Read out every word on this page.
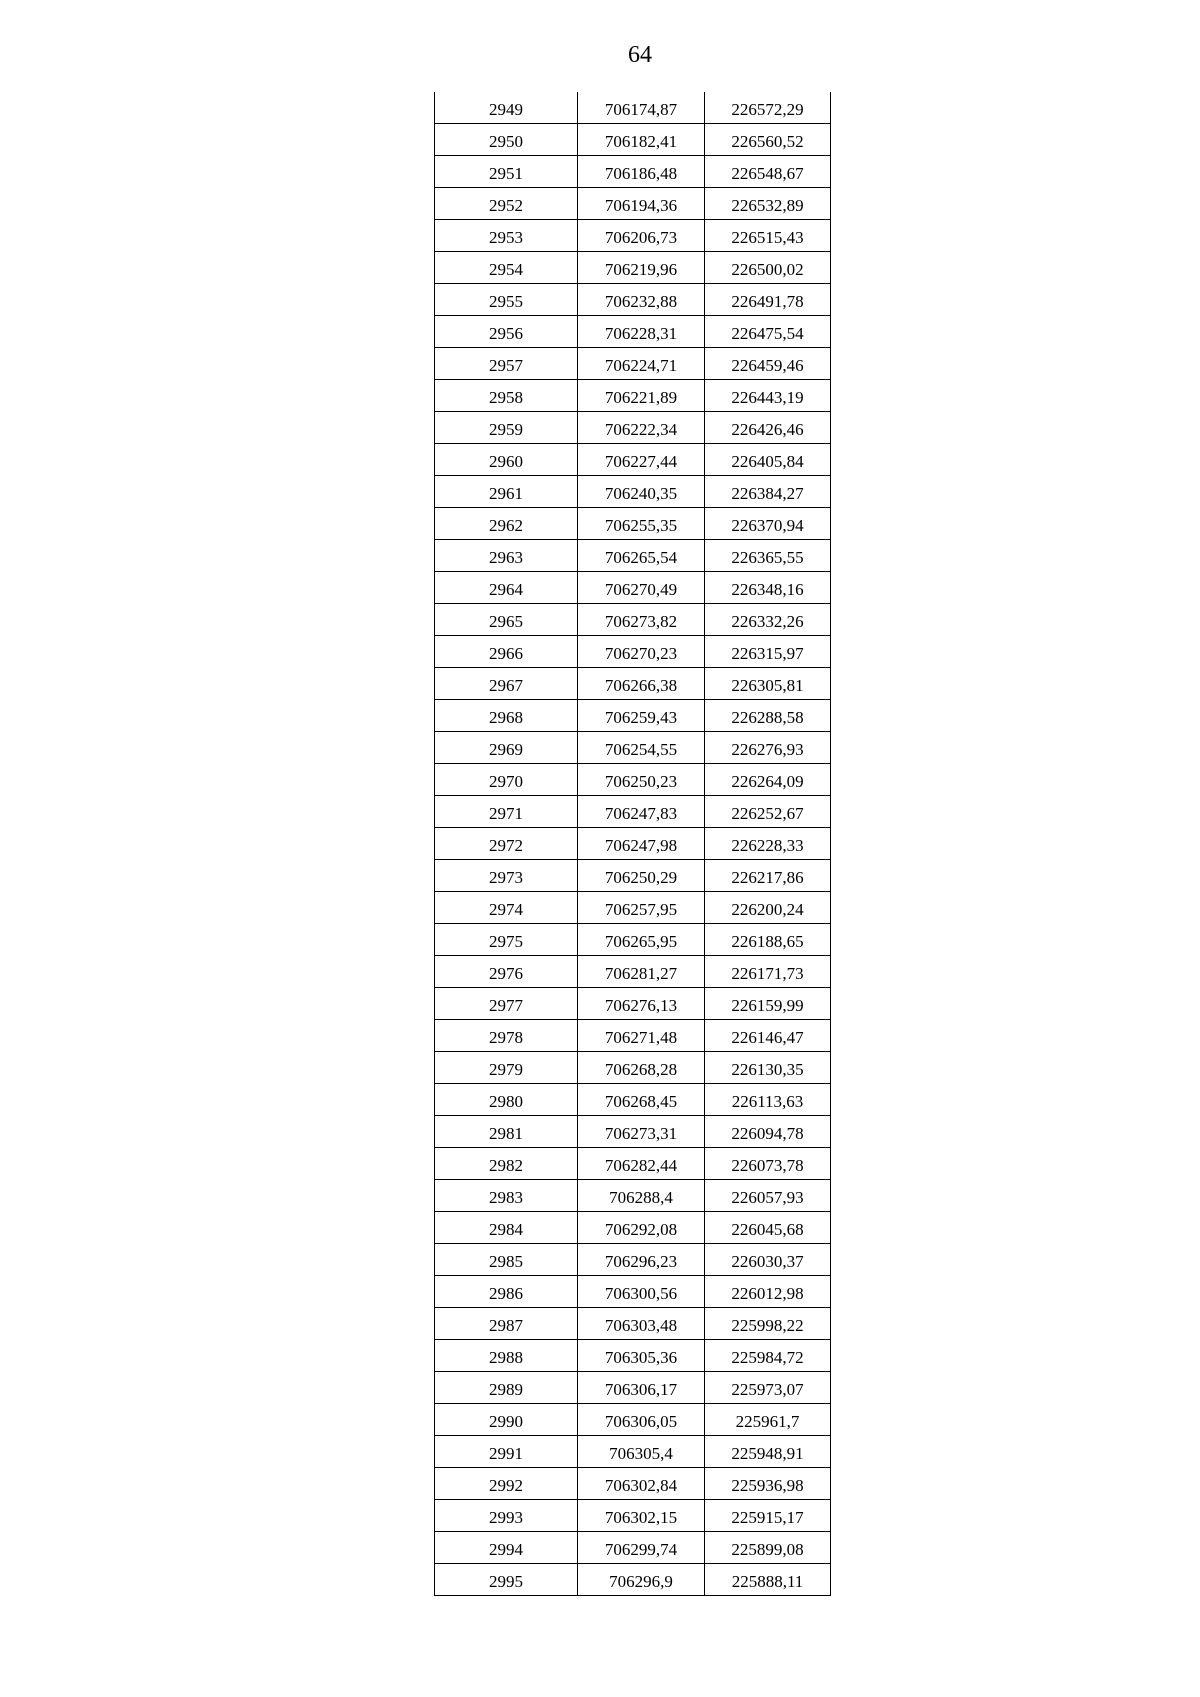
64
2949	706174,87	226572,29
2950	706182,41	226560,52
2951	706186,48	226548,67
2952	706194,36	226532,89
2953	706206,73	226515,43
2954	706219,96	226500,02
2955	706232,88	226491,78
2956	706228,31	226475,54
2957	706224,71	226459,46
2958	706221,89	226443,19
2959	706222,34	226426,46
2960	706227,44	226405,84
2961	706240,35	226384,27
2962	706255,35	226370,94
2963	706265,54	226365,55
2964	706270,49	226348,16
2965	706273,82	226332,26
2966	706270,23	226315,97
2967	706266,38	226305,81
2968	706259,43	226288,58
2969	706254,55	226276,93
2970	706250,23	226264,09
2971	706247,83	226252,67
2972	706247,98	226228,33
2973	706250,29	226217,86
2974	706257,95	226200,24
2975	706265,95	226188,65
2976	706281,27	226171,73
2977	706276,13	226159,99
2978	706271,48	226146,47
2979	706268,28	226130,35
2980	706268,45	226113,63
2981	706273,31	226094,78
2982	706282,44	226073,78
2983	706288,4	226057,93
2984	706292,08	226045,68
2985	706296,23	226030,37
2986	706300,56	226012,98
2987	706303,48	225998,22
2988	706305,36	225984,72
2989	706306,17	225973,07
2990	706306,05	225961,7
2991	706305,4	225948,91
2992	706302,84	225936,98
2993	706302,15	225915,17
2994	706299,74	225899,08
2995	706296,9	225888,11
